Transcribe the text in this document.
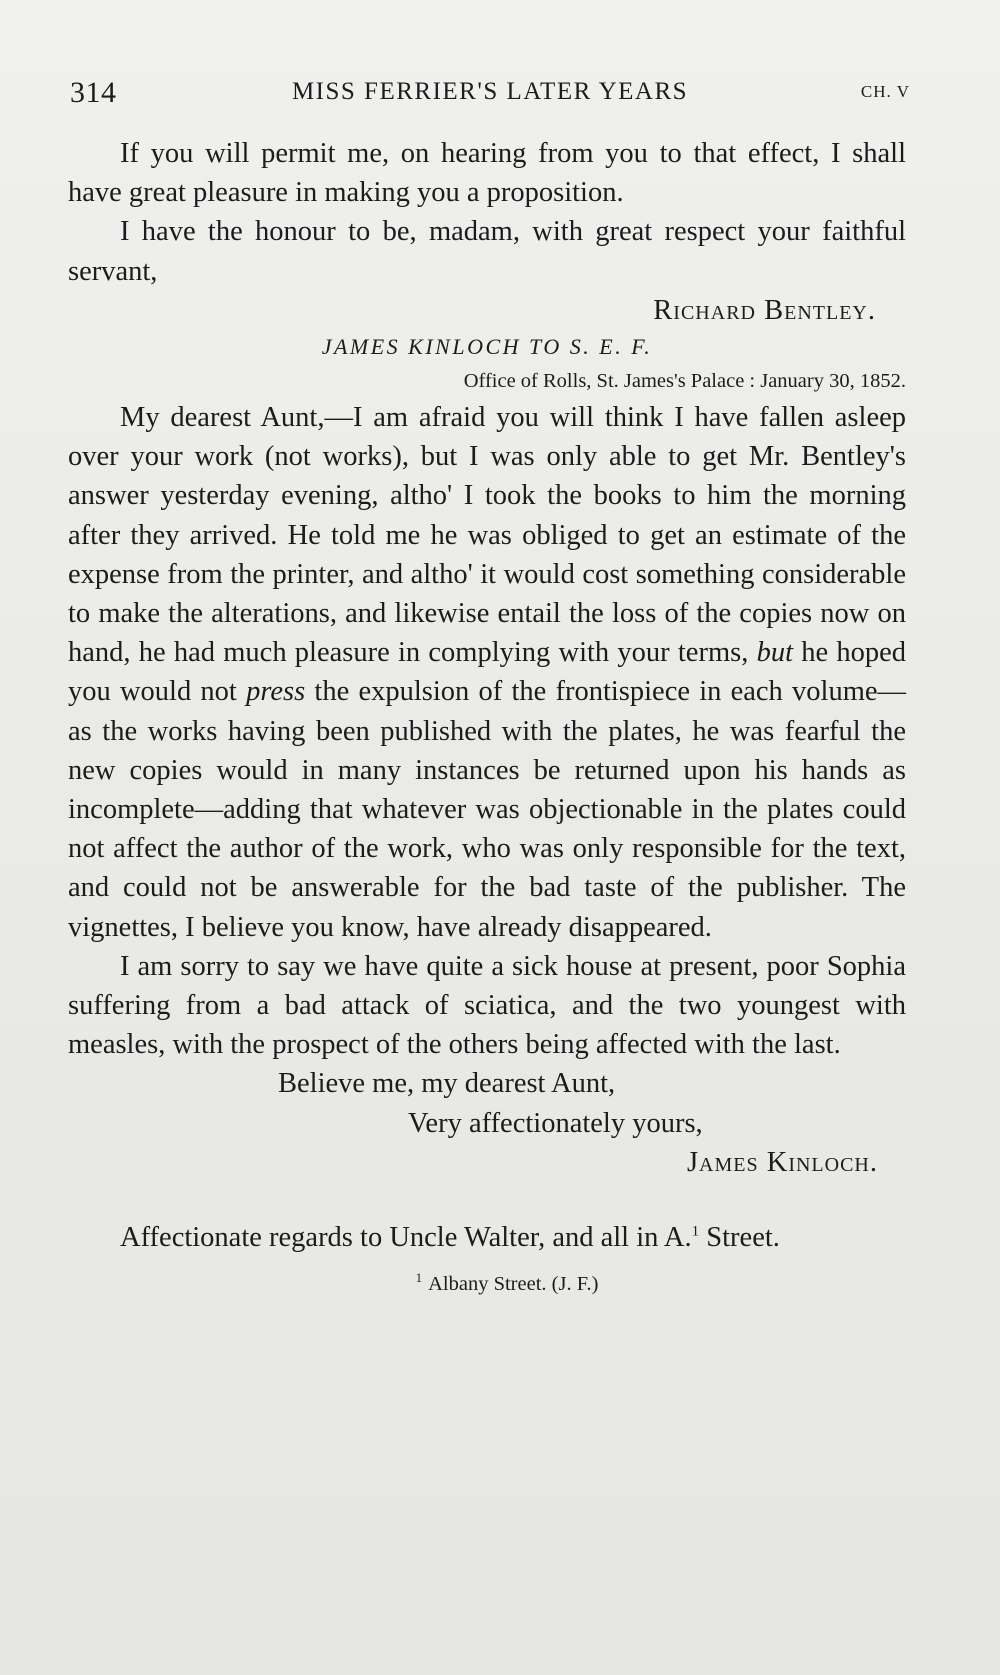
314	MISS FERRIER'S LATER YEARS	CH. V

If you will permit me, on hearing from you to that effect, I shall have great pleasure in making you a proposition.

I have the honour to be, madam, with great respect your faithful servant,

Richard Bentley.

JAMES KINLOCH TO S. E. F.

Office of Rolls, St. James's Palace : January 30, 1852.

My dearest Aunt,—I am afraid you will think I have fallen asleep over your work (not works), but I was only able to get Mr. Bentley's answer yesterday evening, altho' I took the books to him the morning after they arrived. He told me he was obliged to get an estimate of the expense from the printer, and altho' it would cost something considerable to make the alterations, and likewise entail the loss of the copies now on hand, he had much pleasure in complying with your terms, but he hoped you would not press the expulsion of the frontispiece in each volume—as the works having been published with the plates, he was fearful the new copies would in many instances be returned upon his hands as incomplete—adding that whatever was objectionable in the plates could not affect the author of the work, who was only responsible for the text, and could not be answerable for the bad taste of the publisher. The vignettes, I believe you know, have already disappeared.

I am sorry to say we have quite a sick house at present, poor Sophia suffering from a bad attack of sciatica, and the two youngest with measles, with the prospect of the others being affected with the last.

Believe me, my dearest Aunt,

Very affectionately yours,

James Kinloch.

Affectionate regards to Uncle Walter, and all in A.$^1$ Street.

$^1$ Albany Street. (J. F.)
